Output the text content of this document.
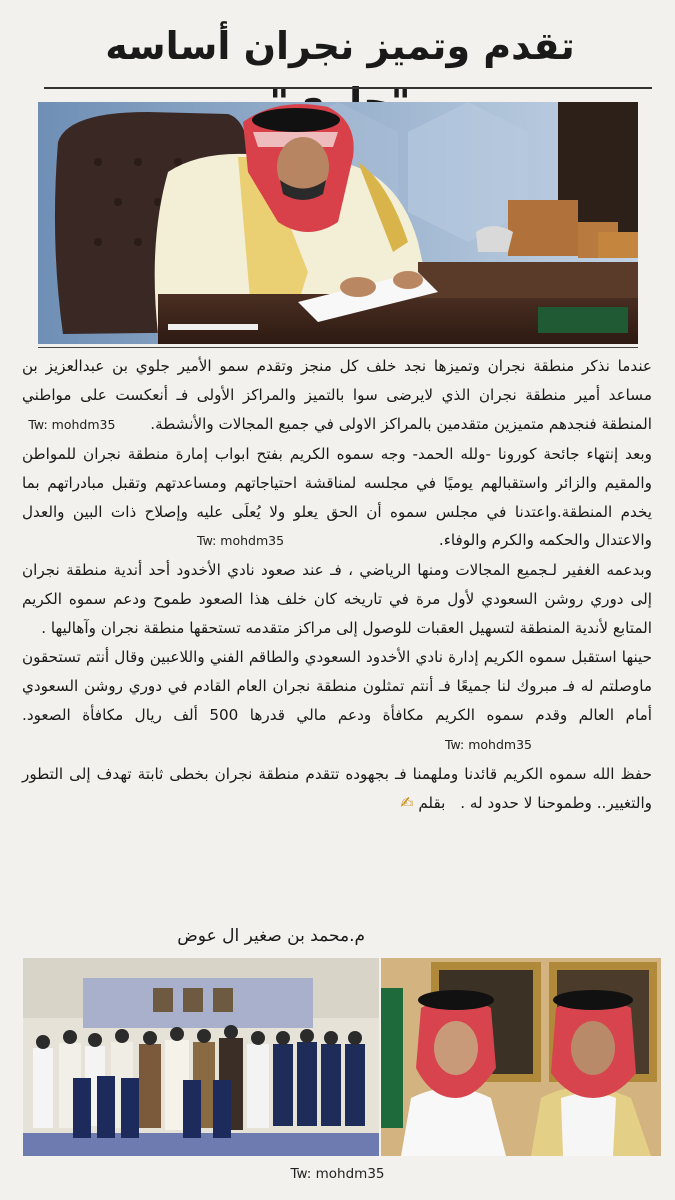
تقدم وتميز نجران أساسه

عندما نذكر منطقة نجران وتميزها نجد خلف كل منجز وتقدم سمو الأمير جلوي بن عبدالعزيز بن مساعد أمير منطقة نجران الذي لايرضى سوا بالتميز والمراكز الأولى فـ أنعكست على مواطني المنطقة فنجدهم متميزين متقدمين بالمراكز الاولى في جميع المجالات والأنشطة. Tw: mohdm35

وبعد إنتهاء جائحة كورونا -ولله الحمد- وجه سموه الكريم بفتح ابواب إمارة منطقة نجران للمواطن والمقيم والزائر واستقبالهم يوميًا في مجلسه لمناقشة احتياجاتهم ومساعدتهم وتقبل مبادراتهم بما يخدم المنطقة.واعتدنا في مجلس سموه أن الحق يعلو ولا يُعلَى عليه وإصلاح ذات البين والعدل والاعتدال والحكمه والكرم والوفاء. Tw: mohdm35

وبدعمه الغفير لـجميع المجالات ومنها الرياضي ، فـ عند صعود نادي الأخدود أحد أندية منطقة نجران إلى دوري روشن السعودي لأول مرة في تاريخه كان خلف هذا الصعود طموح ودعم سموه الكريم المتابع لأندية المنطقة لتسهيل العقبات للوصول إلى مراكز متقدمه تستحقها منطقة نجران وآهاليها .

حينها استقبل سموه الكريم إدارة نادي الأخدود السعودي والطاقم الفني واللاعبين وقال أنتم تستحقون ماوصلتم له فـ مبروك لنا جميعًا فـ أنتم تمثلون منطقة نجران العام القادم في دوري روشن السعودي أمام العالم وقدم سموه الكريم مكافأة ودعم مالي قدرها 500 ألف ريال مكافأة الصعود. Tw: mohdm35

حفظ الله سموه الكريم قائدنا وملهمنا فـ بجهوده تتقدم منطقة نجران بخطى ثابتة تهدف إلى التطور والتغيير.. وطموحنا لا حدود له . بقلم ✍

م.محمد بن صغير ال عوض
Tw: mohdm35
